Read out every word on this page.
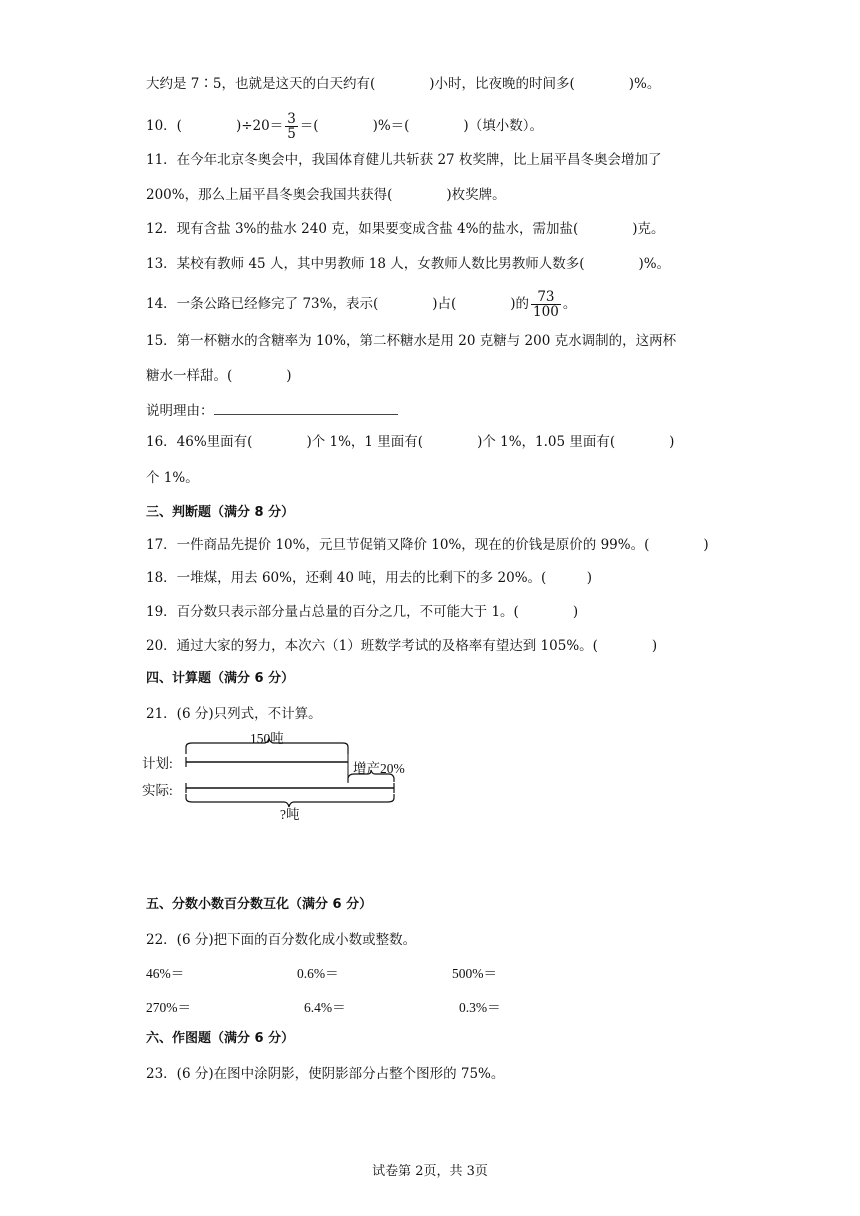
大约是 7∶5，也就是这天的白天约有(　　　　)小时，比夜晚的时间多(　　　　)%。
10．(　　　　)$\div 20= \frac{3}{5}$ ＝(　　　　)%＝(　　　　)（填小数）。
11．在今年北京冬奥会中，我国体育健儿共斩获 27 枚奖牌，比上届平昌冬奥会增加了
200%，那么上届平昌冬奥会我国共获得(　　　　)枚奖牌。
12．现有含盐 3%的盐水 240 克，如果要变成含盐 4%的盐水，需加盐(　　　　)克。
13．某校有教师 45 人，其中男教师 18 人，女教师人数比男教师人数多(　　　　)%。
14．一条公路已经修完了 73%，表示(　　　　)占(　　　　)的 $\frac{73}{100}$ 。
15．第一杯糖水的含糖率为 10%，第二杯糖水是用 20 克糖与 200 克水调制的，这两杯
糖水一样甜。(　　　　)
说明理由：
16．46%里面有(　　　　)个 1%，1 里面有(　　　　)个 1%，1.05 里面有(　　　　)
个 1%。
三、判断题（满分 8 分）
17．一件商品先提价 10%，元旦节促销又降价 10%，现在的价钱是原价的 99%。(　　　　)
18．一堆煤，用去 60%，还剩 40 吨，用去的比剩下的多 20%。(　　　)
19．百分数只表示部分量占总量的百分之几，不可能大于 1。(　　　　)
20．通过大家的努力，本次六（1）班数学考试的及格率有望达到 105%。(　　　　)
四、计算题（满分 6 分）
21．(6 分)只列式，不计算。
计划:
实际:
150吨
增产20%
?吨
五、分数小数百分数互化（满分 6 分）
22．(6 分)把下面的百分数化成小数或整数。
46%＝	0.6%＝	500%＝
270%＝	6.4%＝	0.3%＝
六、作图题（满分 6 分）
23．(6 分)在图中涂阴影，使阴影部分占整个图形的 75%。
试卷第 2页，共 3页
